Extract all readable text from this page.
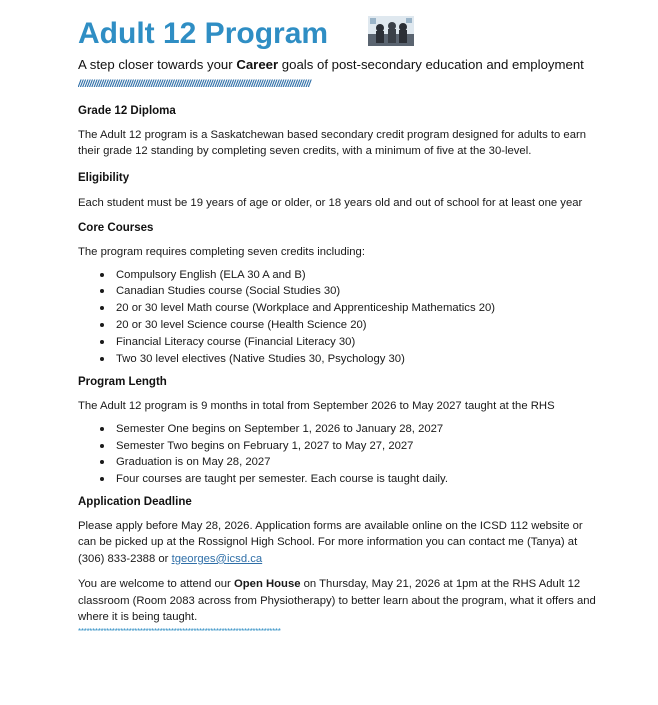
Adult 12 Program

A step closer towards your Career goals of post-secondary education and employment

//////////////////////////////////////////////////////////////////////////////////////////////////////

Grade 12 Diploma

The Adult 12 program is a Saskatchewan based secondary credit program designed for adults to earn their grade 12 standing by completing seven credits, with a minimum of five at the 30-level.

Eligibility

Each student must be 19 years of age or older, or 18 years old and out of school for at least one year

Core Courses

The program requires completing seven credits including:

Compulsory English (ELA 30 A and B)
Canadian Studies course (Social Studies 30)
20 or 30 level Math course (Workplace and Apprenticeship Mathematics 20)
20 or 30 level Science course (Health Science 20)
Financial Literacy course (Financial Literacy 30)
Two 30 level electives (Native Studies 30, Psychology 30)

Program Length

The Adult 12 program is 9 months in total from September 2026 to May 2027 taught at the RHS

Semester One begins on September 1, 2026 to January 28, 2027
Semester Two begins on February 1, 2027 to May 27, 2027
Graduation is on May 28, 2027
Four courses are taught per semester. Each course is taught daily.

Application Deadline

Please apply before May 28, 2026. Application forms are available online on the ICSD 112 website or can be picked up at the Rossignol High School. For more information you can contact me (Tanya) at (306) 833-2388 or tgeorges@icsd.ca

You are welcome to attend our Open House on Thursday, May 21, 2026 at 1pm at the RHS Adult 12 classroom (Room 2083 across from Physiotherapy) to better learn about the program, what it offers and where it is being taught.

************************************************************************
